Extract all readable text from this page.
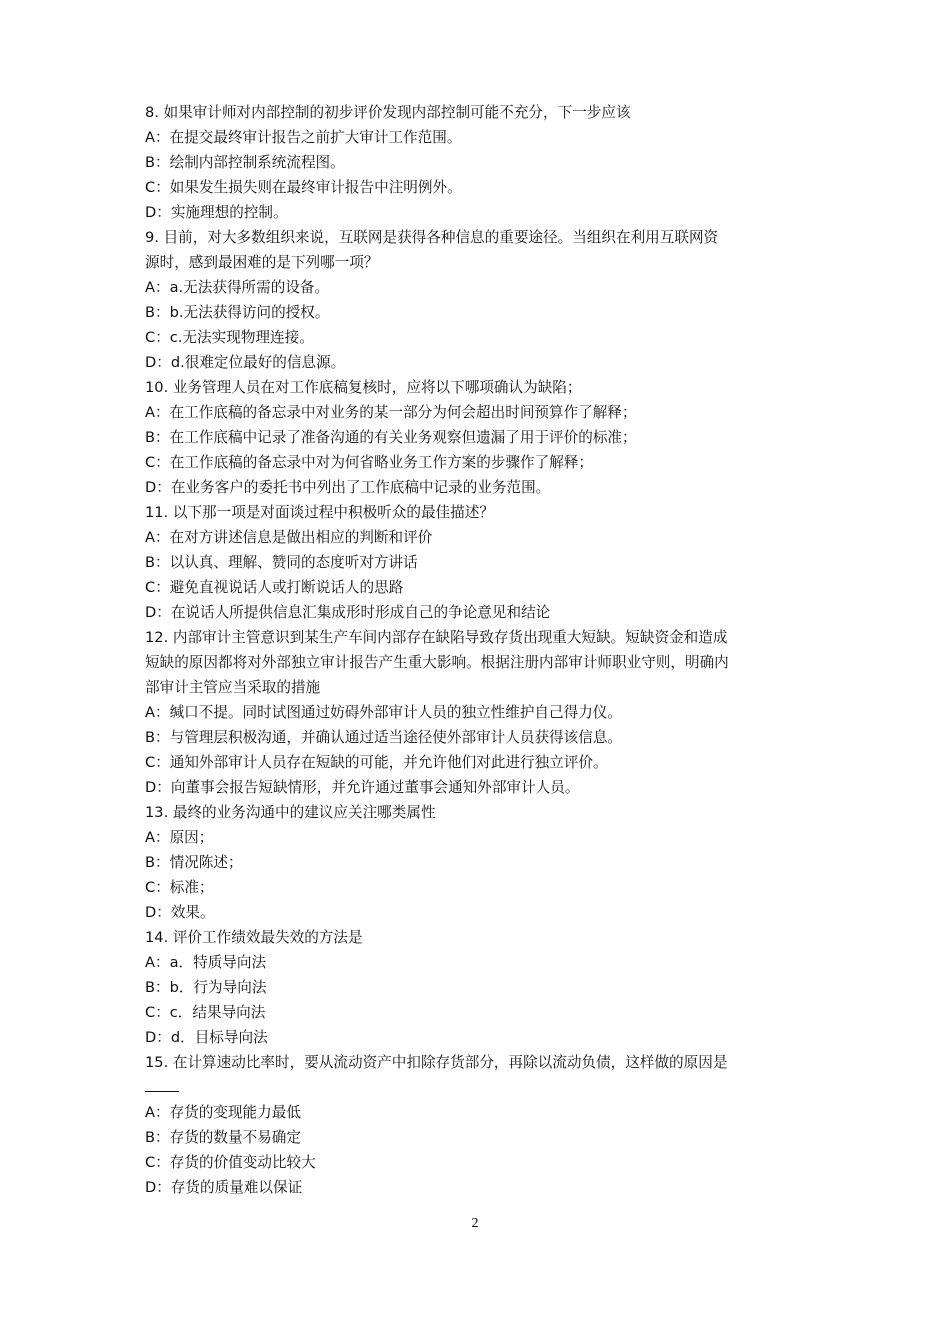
8. 如果审计师对内部控制的初步评价发现内部控制可能不充分，下一步应该
A：在提交最终审计报告之前扩大审计工作范围。
B：绘制内部控制系统流程图。
C：如果发生损失则在最终审计报告中注明例外。
D：实施理想的控制。
9. 目前，对大多数组织来说，互联网是获得各种信息的重要途径。当组织在利用互联网资
源时，感到最困难的是下列哪一项？
A：a.无法获得所需的设备。
B：b.无法获得访问的授权。
C：c.无法实现物理连接。
D：d.很难定位最好的信息源。
10. 业务管理人员在对工作底稿复核时，应将以下哪项确认为缺陷；
A：在工作底稿的备忘录中对业务的某一部分为何会超出时间预算作了解释；
B：在工作底稿中记录了准备沟通的有关业务观察但遗漏了用于评价的标准；
C：在工作底稿的备忘录中对为何省略业务工作方案的步骤作了解释；
D：在业务客户的委托书中列出了工作底稿中记录的业务范围。
11. 以下那一项是对面谈过程中积极听众的最佳描述？
A：在对方讲述信息是做出相应的判断和评价
B：以认真、理解、赞同的态度听对方讲话
C：避免直视说话人或打断说话人的思路
D：在说话人所提供信息汇集成形时形成自己的争论意见和结论
12. 内部审计主管意识到某生产车间内部存在缺陷导致存货出现重大短缺。短缺资金和造成
短缺的原因都将对外部独立审计报告产生重大影响。根据注册内部审计师职业守则，明确内
部审计主管应当采取的措施
A：缄口不提。同时试图通过妨碍外部审计人员的独立性维护自己得力仪。
B：与管理层积极沟通，并确认通过适当途径使外部审计人员获得该信息。
C：通知外部审计人员存在短缺的可能，并允许他们对此进行独立评价。
D：向董事会报告短缺情形，并允许通过董事会通知外部审计人员。
13. 最终的业务沟通中的建议应关注哪类属性
A：原因；
B：情况陈述；
C：标准；
D：效果。
14. 评价工作绩效最失效的方法是
A：a．特质导向法
B：b．行为导向法
C：c．结果导向法
D：d．目标导向法
15. 在计算速动比率时，要从流动资产中扣除存货部分，再除以流动负债，这样做的原因是
A：存货的变现能力最低
B：存货的数量不易确定
C：存货的价值变动比较大
D：存货的质量难以保证
2
